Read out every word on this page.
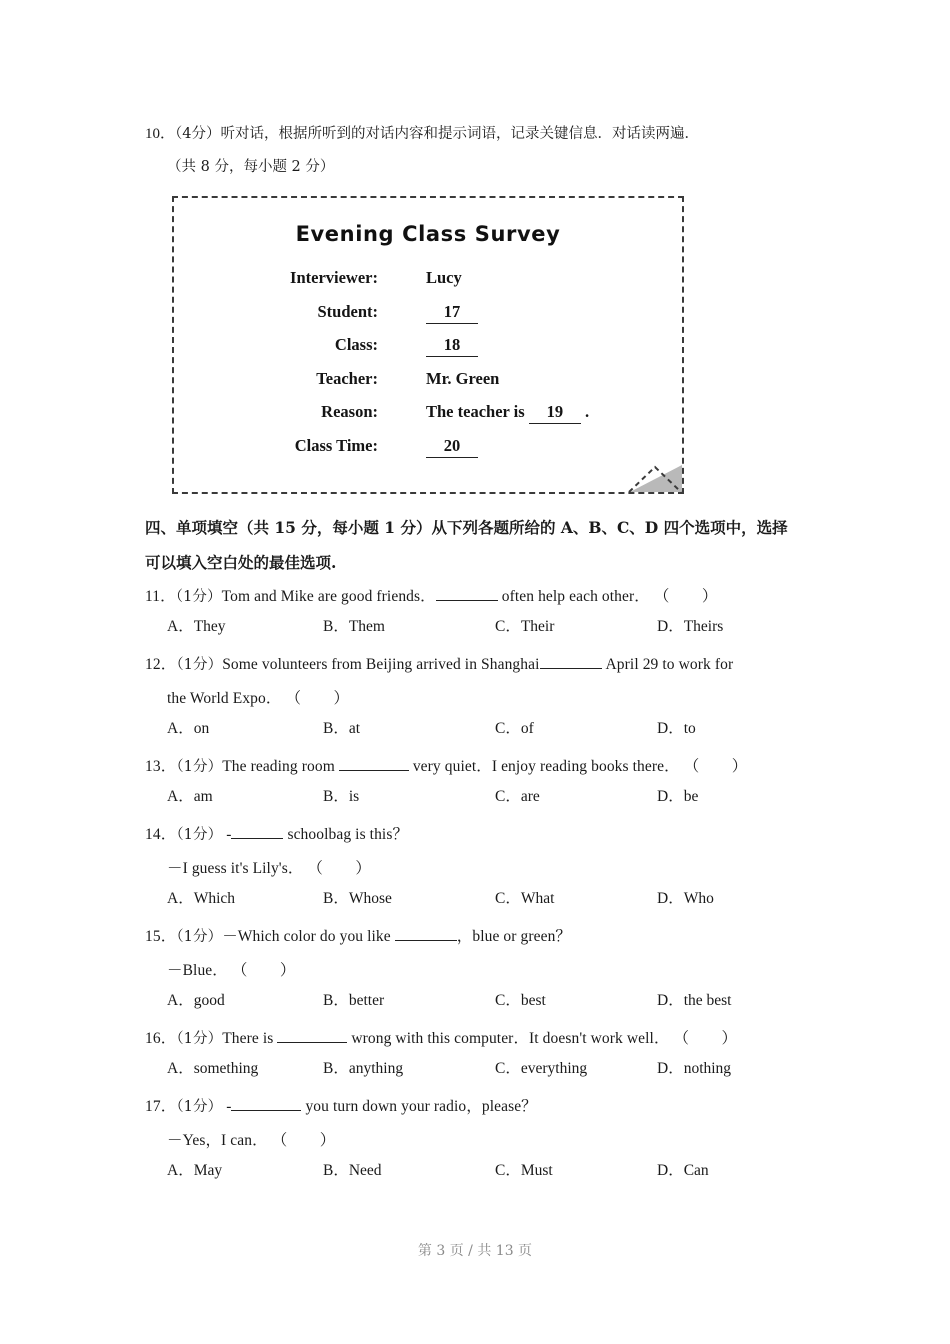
10．（4分）听对话，根据所听到的对话内容和提示词语，记录关键信息．对话读两遍．
（共 8 分，每小题 2 分）
Evening Class Survey
Interviewer:	Lucy
Student:	17
Class:	18
Teacher:	Mr. Green
Reason:	The teacher is 19 .
Class Time:	20
四、单项填空（共 15 分，每小题 1 分）从下列各题所给的 A、B、C、D 四个选项中，选择
可以填入空白处的最佳选项.
11．（1分）Tom and Mike are good friends．	often help each other． （　　）
A．They	B．Them	C．Their	D．Theirs
12．（1分）Some volunteers from Beijing arrived in Shanghai	April 29 to work for
the World Expo． （　　）
A．on	B．at	C．of	D．to
13．（1分）The reading room	very quiet．I enjoy reading books there． （　　）
A．am	B．is	C．are	D．be
14．（1分） -	schoolbag is this？
－I guess it's Lily's． （　　）
A．Which	B．Whose	C．What	D．Who
15．（1分）－Which color do you like	，blue or green？
－Blue． （　　）
A．good	B．better	C．best	D．the best
16．（1分）There is	wrong with this computer．It doesn't work well． （　　）
A．something	B．anything	C．everything	D．nothing
17．（1分） -	you turn down your radio，please？
－Yes，I can． （　　）
A．May	B．Need	C．Must	D．Can
第 3 页 / 共 13 页
